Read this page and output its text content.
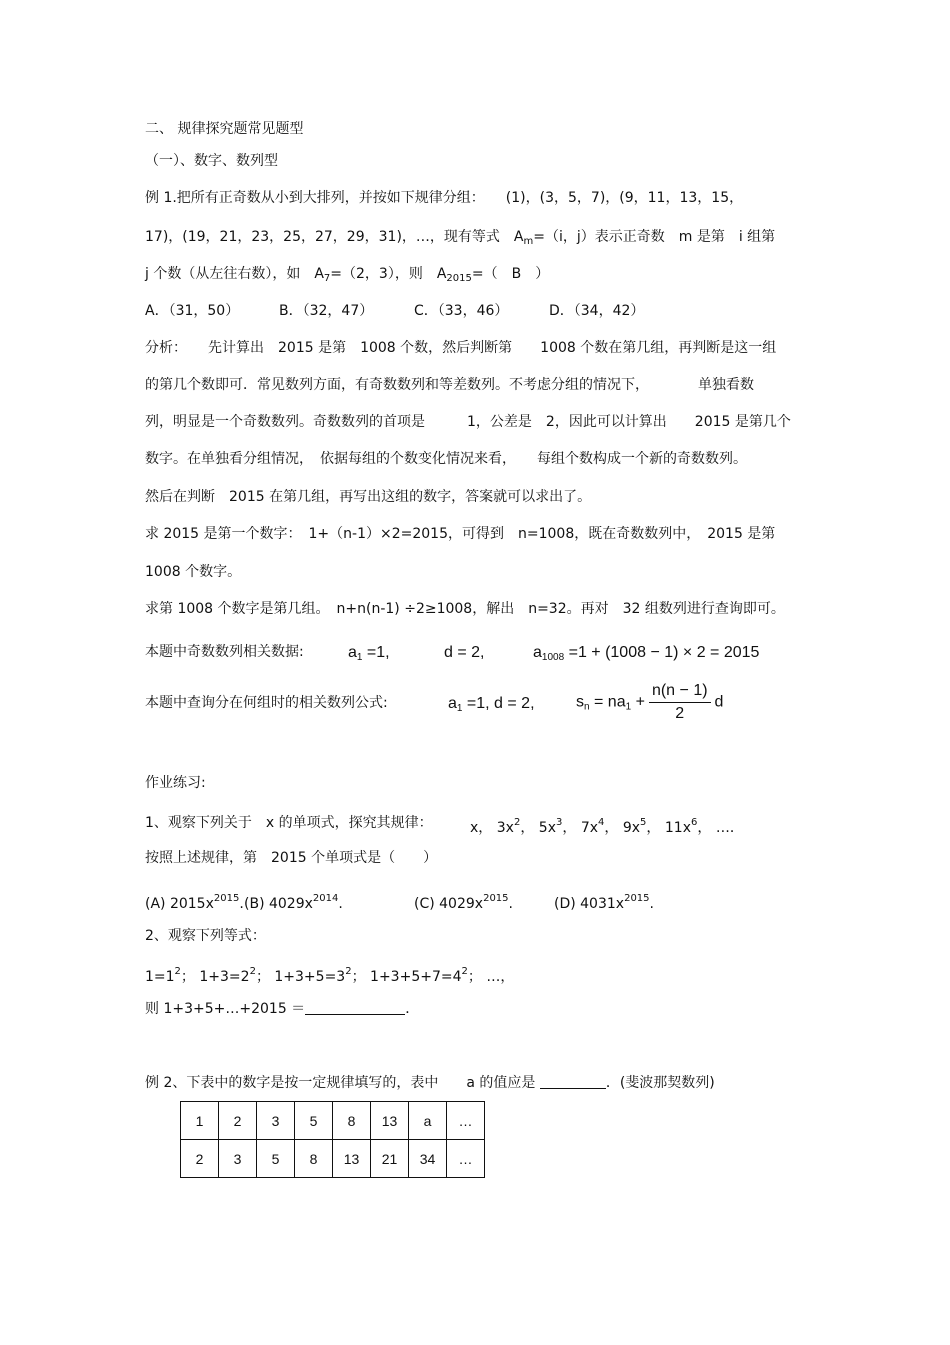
二、 规律探究题常见题型
（一）、数字、数列型
例 1.把所有正奇数从小到大排列，并按如下规律分组：　　(1)，(3，5，7)，(9，11，13，15，
17)，(19，21，23，25，27，29，31)，…，现有等式　$A_m=(i$，j）表示正奇数　m 是第　i 组第
j 个数（从左往右数），如　$A_7=(2$，3），则　$A_{2015}=$（　B　）
A．（31，50）	B．（32，47）	C．（33，46）	D．（34，42）
分析：　　先计算出　2015 是第　1008 个数，然后判断第　　1008 个数在第几组，再判断是这一组
的第几个数即可．常见数列方面，有奇数数列和等差数列。不考虑分组的情况下，　　　　单独看数
列，明显是一个奇数数列。奇数数列的首项是　　　1，公差是　2，因此可以计算出　　2015 是第几个
数字。在单独看分组情况，　依据每组的个数变化情况来看，　　每组个数构成一个新的奇数数列。
然后在判断　2015 在第几组，再写出这组的数字，答案就可以求出了。
求 2015 是第一个数字：　1+（n-1）×2=2015，可得到　n=1008，既在奇数数列中，　2015 是第
1008 个数字。
求第 1008 个数字是第几组。　n+n(n-1) ÷2≥1008，解出　n=32。再对　32 组数列进行查询即可。
本题中奇数数列相关数据:	$a_1 =1$,	d = 2,	$a_{1008} =1 + (1008 - 1) \times 2 = 2015$
本题中查询分在何组时的相关数列公式:	$a_1 =1$, d = 2,	$s_n = na_1 + \frac{n(n - 1)}{2}$ d
作业练习:
1、观察下列关于　x 的单项式，探究其规律：	x， $3x^2$， $5x^3$， $7x^4$， $9x^5$， $11x^6$， …．
按照上述规律，第　2015 个单项式是（　　）
(A) $2015x^{2015}$. (B) $4029x^{2014}$.	(C) $4029x^{2015}$.	(D) $4031x^{2015}$.
2、观察下列等式：
$1=1^2$； $1+3=2^2$； $1+3+5=3^2$； $1+3+5+7=4^2$； …，
则 1+3+5+…+2015 ＝	．
例 2、下表中的数字是按一定规律填写的，表中　　a 的值应是	．(斐波那契数列)
1	2	3	5	8	13	a	…
2	3	5	8	13	21	34	…
